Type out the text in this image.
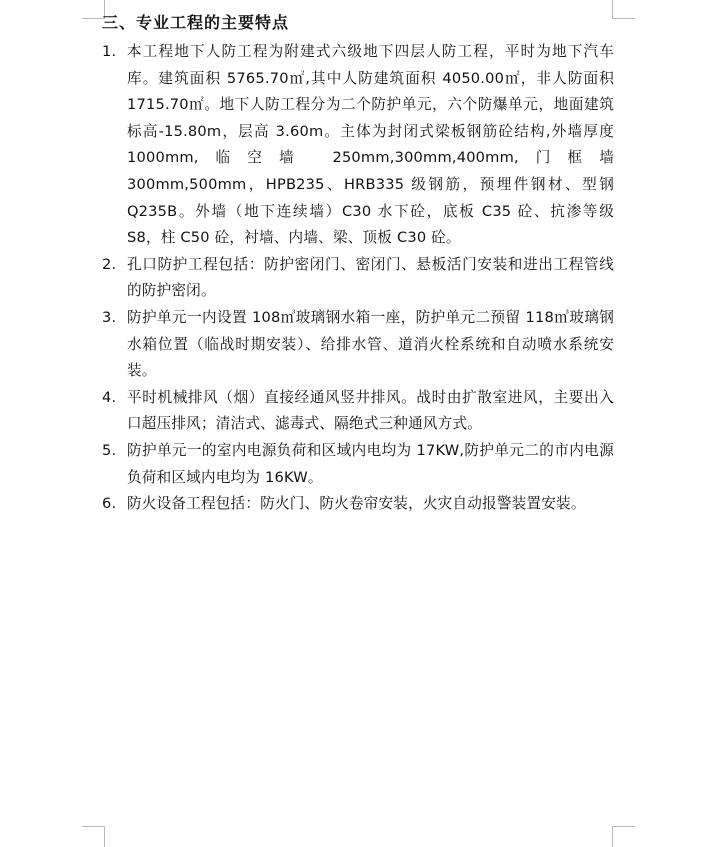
三、专业工程的主要特点
1. 本工程地下人防工程为附建式六级地下四层人防工程，平时为地下汽车库。建筑面积 5765.70㎡,其中人防建筑面积 4050.00㎡，非人防面积 1715.70㎡。地下人防工程分为二个防护单元，六个防爆单元，地面建筑标高-15.80m，层高 3.60m。主体为封闭式梁板钢筋砼结构,外墙厚度 1000mm,临空墙 250mm,300mm,400mm,门框墙 300mm,500mm，HPB235、HRB335 级钢筋，预埋件钢材、型钢 Q235B。外墙（地下连续墙）C30 水下砼，底板 C35 砼、抗渗等级 S8，柱 C50 砼，衬墙、内墙、梁、顶板 C30 砼。
2. 孔口防护工程包括：防护密闭门、密闭门、悬板活门安装和进出工程管线的防护密闭。
3. 防护单元一内设置 108㎥玻璃钢水箱一座，防护单元二预留 118㎥玻璃钢水箱位置（临战时期安装）、给排水管、道消火栓系统和自动喷水系统安装。
4. 平时机械排风（烟）直接经通风竖井排风。战时由扩散室进风，主要出入口超压排风；清洁式、滤毒式、隔绝式三种通风方式。
5. 防护单元一的室内电源负荷和区域内电均为 17KW,防护单元二的市内电源负荷和区域内电均为 16KW。
6. 防火设备工程包括：防火门、防火卷帘安装，火灾自动报警装置安装。
